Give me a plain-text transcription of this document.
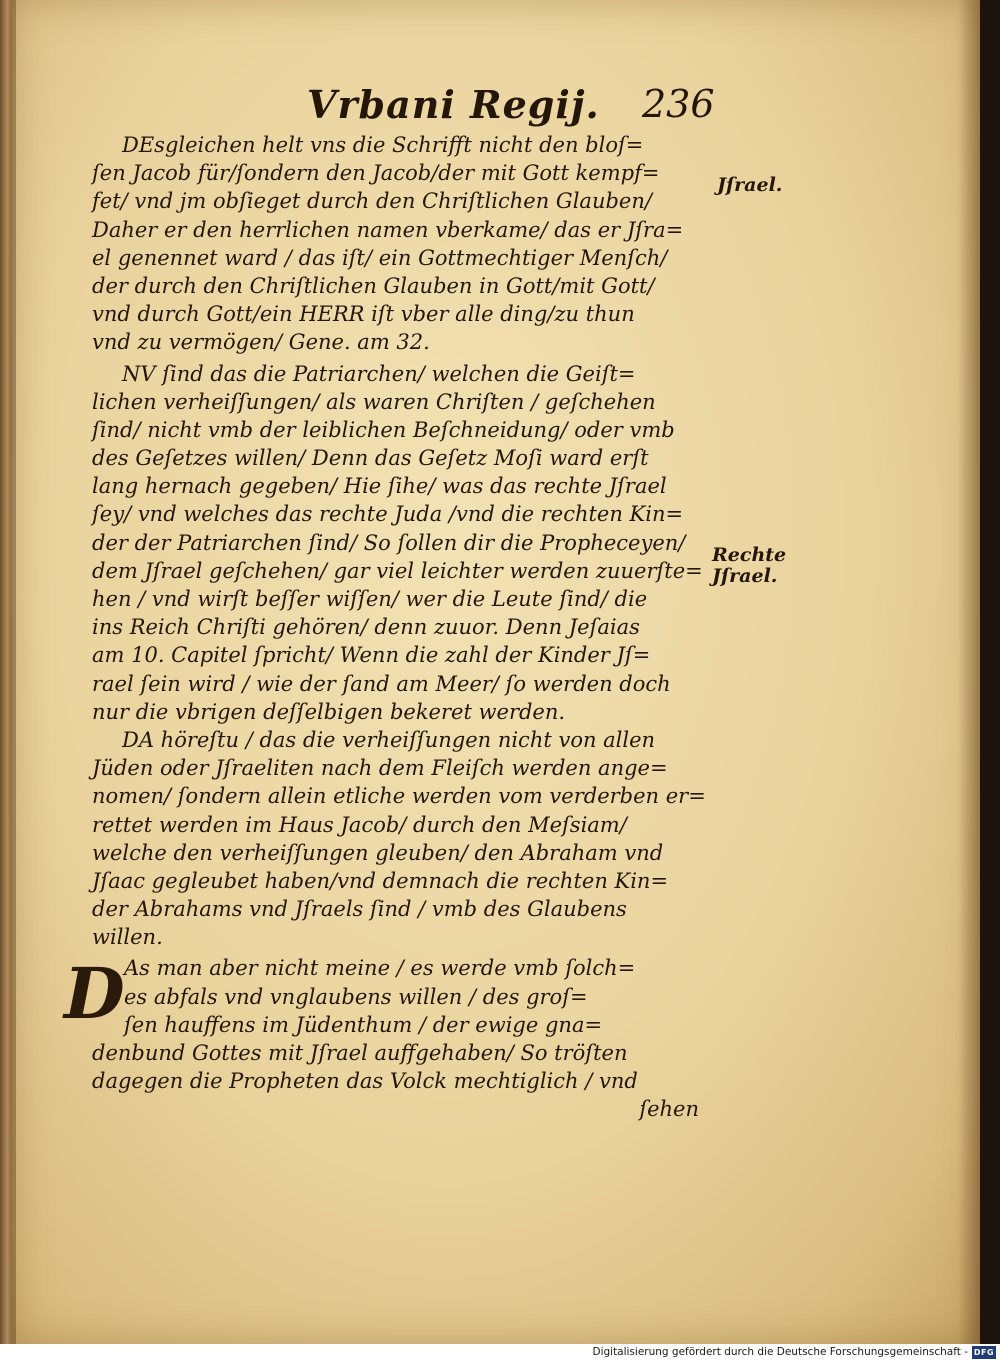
Vrbani Regij. 236
Jſrael.
Rechte
Jſrael.
DEsgleichen helt vns die Schrifft nicht den bloſ=
ſen Jacob für/ſondern den Jacob/der mit Gott kempf=
fet/ vnd jm obſieget durch den Chriſtlichen Glauben/
Daher er den herrlichen namen vberkame/ das er Jſra=
el genennet ward / das iſt/ ein Gottmechtiger Menſch/
der durch den Chriſtlichen Glauben in Gott/mit Gott/
vnd durch Gott/ein HERR iſt vber alle ding/zu thun
vnd zu vermögen/ Gene. am 32.
NV ſind das die Patriarchen/ welchen die Geiſt=
lichen verheiſſungen/ als waren Chriſten / geſchehen
ſind/ nicht vmb der leiblichen Beſchneidung/ oder vmb
des Geſetzes willen/ Denn das Geſetz Moſi ward erſt
lang hernach gegeben/ Hie ſihe/ was das rechte Jſrael
ſey/ vnd welches das rechte Juda /vnd die rechten Kin=
der der Patriarchen ſind/ So ſollen dir die Propheceyen/
dem Jſrael geſchehen/ gar viel leichter werden zuuerſte=
hen / vnd wirſt beſſer wiſſen/ wer die Leute ſind/ die
ins Reich Chriſti gehören/ denn zuuor. Denn Jeſaias
am 10. Capitel ſpricht/ Wenn die zahl der Kinder Jſ=
rael ſein wird / wie der ſand am Meer/ ſo werden doch
nur die vbrigen deſſelbigen bekeret werden.
DA höreſtu / das die verheiſſungen nicht von allen
Jüden oder Jſraeliten nach dem Fleiſch werden ange=
nomen/ ſondern allein etliche werden vom verderben er=
rettet werden im Haus Jacob/ durch den Meſsiam/
welche den verheiſſungen gleuben/ den Abraham vnd
Jſaac gegleubet haben/vnd demnach die rechten Kin=
der Abrahams vnd Jſraels ſind / vmb des Glaubens
willen.
D As man aber nicht meine / es werde vmb ſolch=
es abfals vnd vnglaubens willen / des groſ=
ſen hauffens im Jüdenthum / der ewige gna=
denbund Gottes mit Jſrael auffgehaben/ So tröſten
dagegen die Propheten das Volck mechtiglich / vnd
ſehen
Digitalisierung gefördert durch die Deutsche Forschungsgemeinschaft - DFG
